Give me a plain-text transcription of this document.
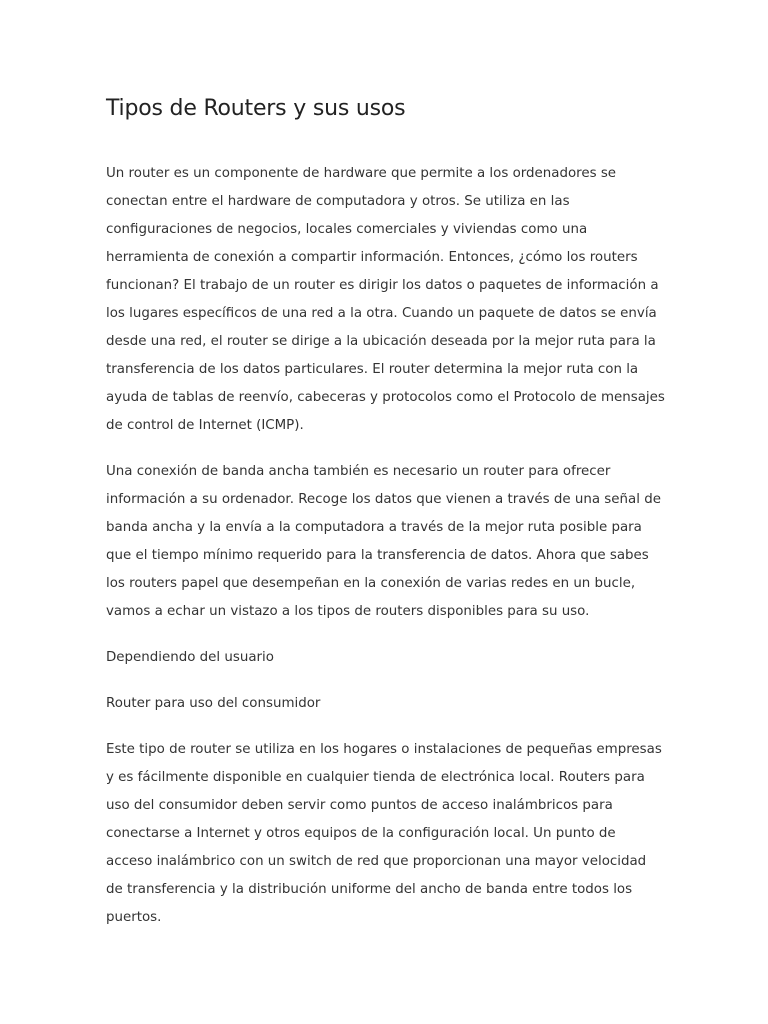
Tipos de Routers y sus usos

Un router es un componente de hardware que permite a los ordenadores se conectan entre el hardware de computadora y otros. Se utiliza en las configuraciones de negocios, locales comerciales y viviendas como una herramienta de conexión a compartir información. Entonces, ¿cómo los routers funcionan? El trabajo de un router es dirigir los datos o paquetes de información a los lugares específicos de una red a la otra. Cuando un paquete de datos se envía desde una red, el router se dirige a la ubicación deseada por la mejor ruta para la transferencia de los datos particulares. El router determina la mejor ruta con la ayuda de tablas de reenvío, cabeceras y protocolos como el Protocolo de mensajes de control de Internet (ICMP).

Una conexión de banda ancha también es necesario un router para ofrecer información a su ordenador. Recoge los datos que vienen a través de una señal de banda ancha y la envía a la computadora a través de la mejor ruta posible para que el tiempo mínimo requerido para la transferencia de datos. Ahora que sabes los routers papel que desempeñan en la conexión de varias redes en un bucle, vamos a echar un vistazo a los tipos de routers disponibles para su uso.

Dependiendo del usuario

Router para uso del consumidor

Este tipo de router se utiliza en los hogares o instalaciones de pequeñas empresas y es fácilmente disponible en cualquier tienda de electrónica local. Routers para uso del consumidor deben servir como puntos de acceso inalámbricos para conectarse a Internet y otros equipos de la configuración local. Un punto de acceso inalámbrico con un switch de red que proporcionan una mayor velocidad de transferencia y la distribución uniforme del ancho de banda entre todos los puertos.
